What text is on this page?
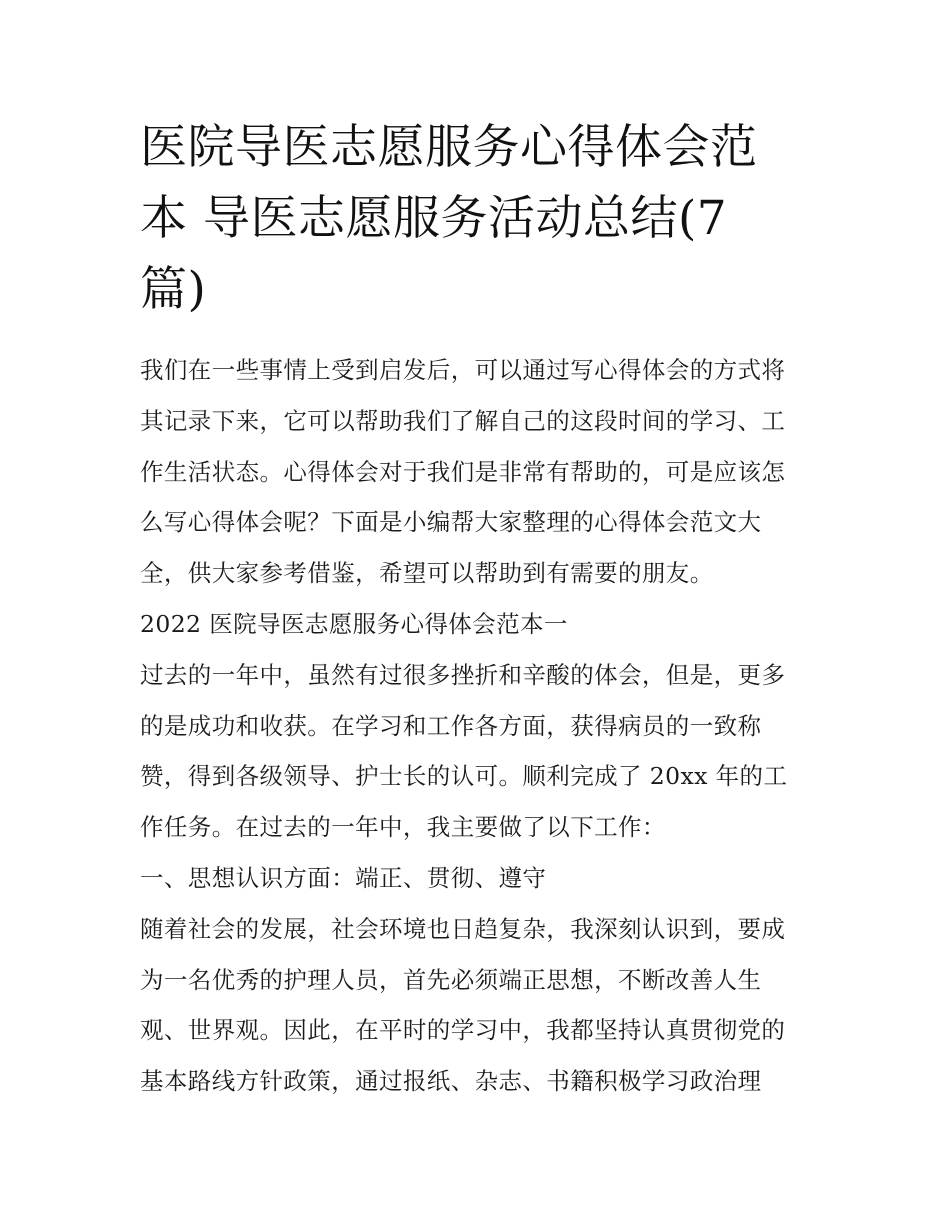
医院导医志愿服务心得体会范
本 导医志愿服务活动总结(7
篇)
我们在一些事情上受到启发后，可以通过写心得体会的方式将
其记录下来，它可以帮助我们了解自己的这段时间的学习、工
作生活状态。心得体会对于我们是非常有帮助的，可是应该怎
么写心得体会呢？下面是小编帮大家整理的心得体会范文大
全，供大家参考借鉴，希望可以帮助到有需要的朋友。
2022 医院导医志愿服务心得体会范本一
过去的一年中，虽然有过很多挫折和辛酸的体会，但是，更多
的是成功和收获。在学习和工作各方面，获得病员的一致称
赞，得到各级领导、护士长的认可。顺利完成了 20xx 年的工
作任务。在过去的一年中，我主要做了以下工作：
一、思想认识方面：端正、贯彻、遵守
随着社会的发展，社会环境也日趋复杂，我深刻认识到，要成
为一名优秀的护理人员，首先必须端正思想，不断改善人生
观、世界观。因此，在平时的学习中，我都坚持认真贯彻党的
基本路线方针政策，通过报纸、杂志、书籍积极学习政治理
